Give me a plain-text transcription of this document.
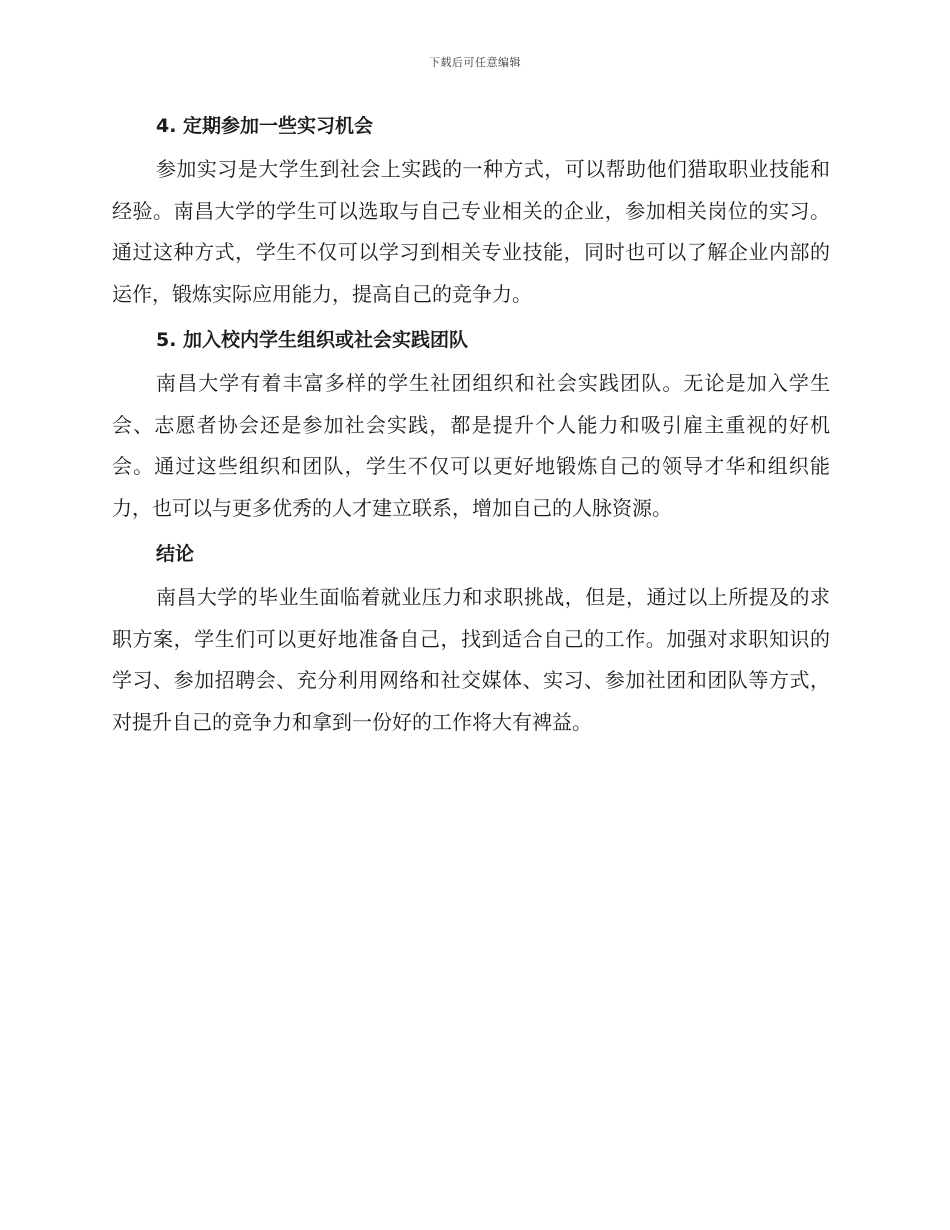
下载后可任意编辑
4. 定期参加一些实习机会

参加实习是大学生到社会上实践的一种方式，可以帮助他们猎取职业技能和经验。南昌大学的学生可以选取与自己专业相关的企业，参加相关岗位的实习。通过这种方式，学生不仅可以学习到相关专业技能，同时也可以了解企业内部的运作，锻炼实际应用能力，提高自己的竞争力。

5. 加入校内学生组织或社会实践团队

南昌大学有着丰富多样的学生社团组织和社会实践团队。无论是加入学生会、志愿者协会还是参加社会实践，都是提升个人能力和吸引雇主重视的好机会。通过这些组织和团队，学生不仅可以更好地锻炼自己的领导才华和组织能力，也可以与更多优秀的人才建立联系，增加自己的人脉资源。

结论

南昌大学的毕业生面临着就业压力和求职挑战，但是，通过以上所提及的求职方案，学生们可以更好地准备自己，找到适合自己的工作。加强对求职知识的学习、参加招聘会、充分利用网络和社交媒体、实习、参加社团和团队等方式，对提升自己的竞争力和拿到一份好的工作将大有裨益。
